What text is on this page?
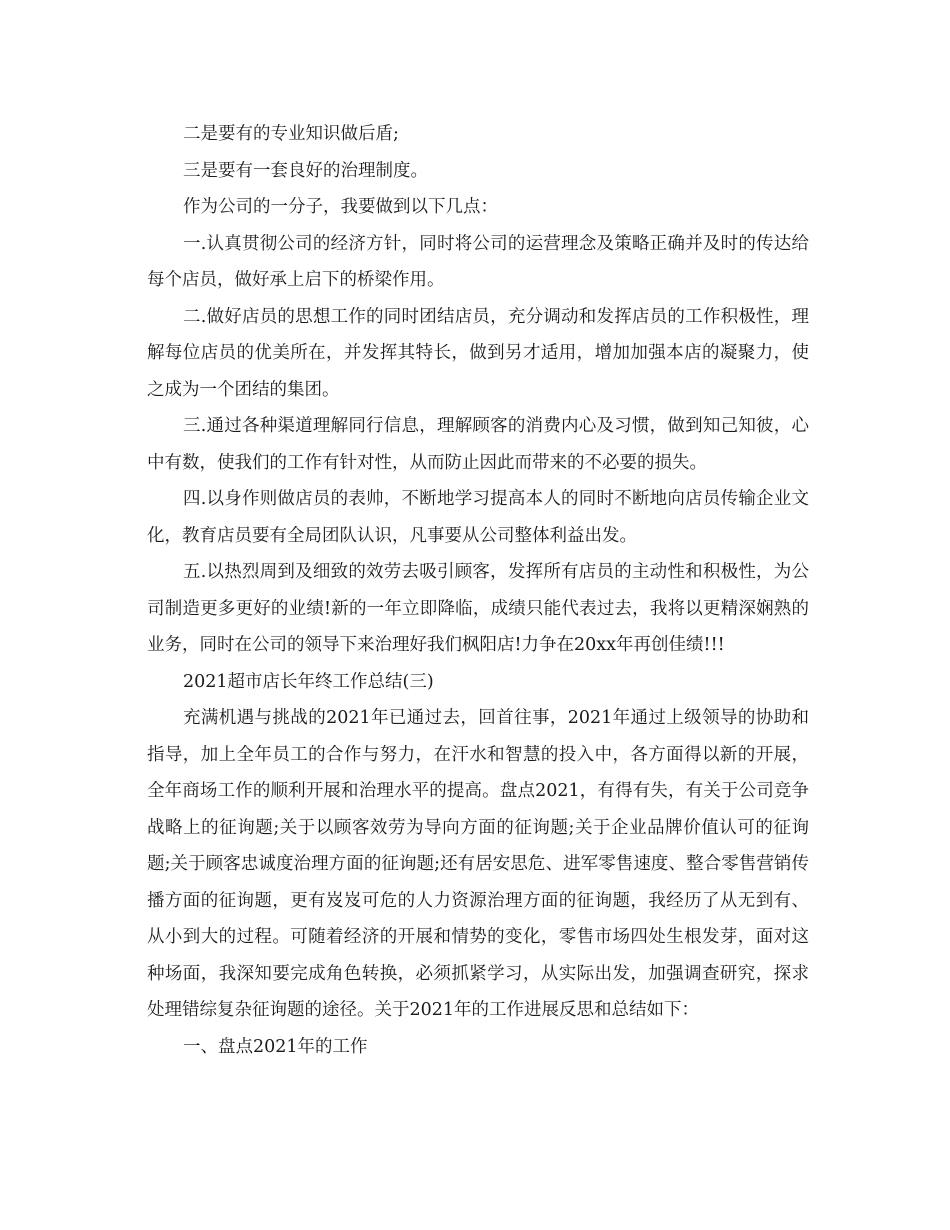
二是要有的专业知识做后盾;

三是要有一套良好的治理制度。

作为公司的一分子，我要做到以下几点：

一.认真贯彻公司的经济方针，同时将公司的运营理念及策略正确并及时的传达给每个店员，做好承上启下的桥梁作用。

二.做好店员的思想工作的同时团结店员，充分调动和发挥店员的工作积极性，理解每位店员的优美所在，并发挥其特长，做到另才适用，增加加强本店的凝聚力，使之成为一个团结的集团。

三.通过各种渠道理解同行信息，理解顾客的消费内心及习惯，做到知己知彼，心中有数，使我们的工作有针对性，从而防止因此而带来的不必要的损失。

四.以身作则做店员的表帅，不断地学习提高本人的同时不断地向店员传输企业文化，教育店员要有全局团队认识，凡事要从公司整体利益出发。

五.以热烈周到及细致的效劳去吸引顾客，发挥所有店员的主动性和积极性，为公司制造更多更好的业绩!新的一年立即降临，成绩只能代表过去，我将以更精深娴熟的业务，同时在公司的领导下来治理好我们枫阳店!力争在20xx年再创佳绩!!!

2021超市店长年终工作总结(三)

充满机遇与挑战的2021年已通过去，回首往事，2021年通过上级领导的协助和指导，加上全年员工的合作与努力，在汗水和智慧的投入中，各方面得以新的开展，全年商场工作的顺利开展和治理水平的提高。盘点2021，有得有失，有关于公司竞争战略上的征询题;关于以顾客效劳为导向方面的征询题;关于企业品牌价值认可的征询题;关于顾客忠诚度治理方面的征询题;还有居安思危、进军零售速度、整合零售营销传播方面的征询题，更有岌岌可危的人力资源治理方面的征询题，我经历了从无到有、从小到大的过程。可随着经济的开展和情势的变化，零售市场四处生根发芽，面对这种场面，我深知要完成角色转换，必须抓紧学习，从实际出发，加强调查研究，探求处理错综复杂征询题的途径。关于2021年的工作进展反思和总结如下：

一、盘点2021年的工作
